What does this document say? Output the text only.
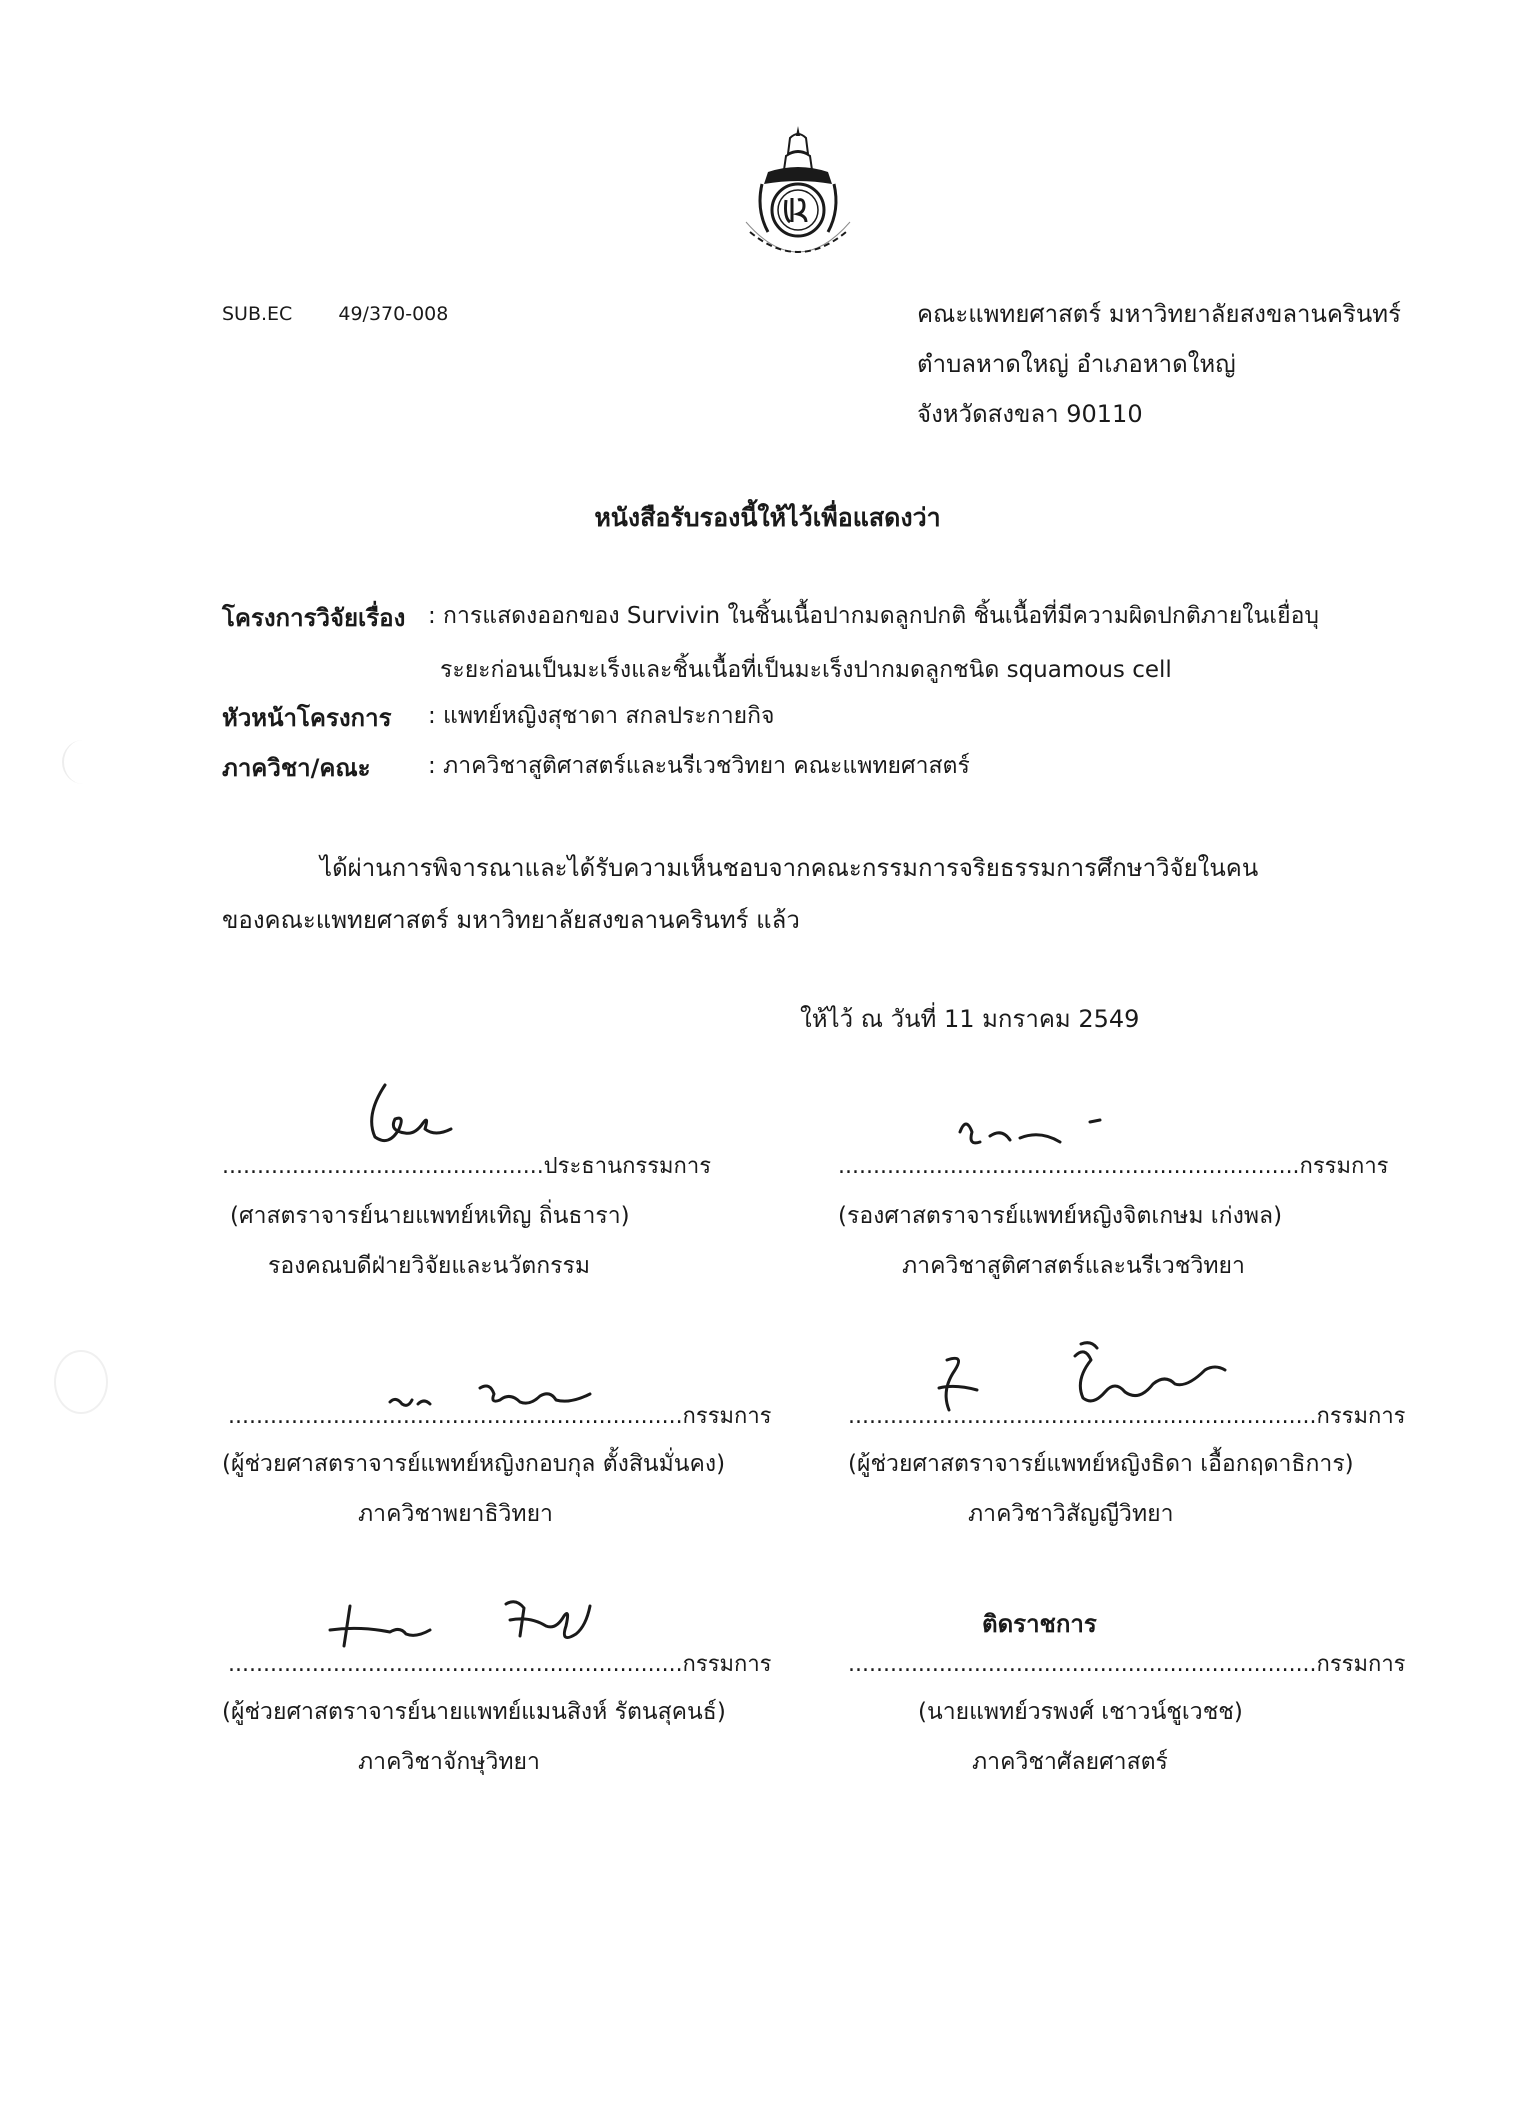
SUB.EC 49/370-008	คณะแพทยศาสตร์ มหาวิทยาลัยสงขลานครินทร์
ตำบลหาดใหญ่ อำเภอหาดใหญ่
จังหวัดสงขลา 90110
หนังสือรับรองนี้ให้ไว้เพื่อแสดงว่า
โครงการวิจัยเรื่อง : การแสดงออกของ Survivin ในชิ้นเนื้อปากมดลูกปกติ ชิ้นเนื้อที่มีความผิดปกติภายในเยื่อบุ
ระยะก่อนเป็นมะเร็งและชิ้นเนื้อที่เป็นมะเร็งปากมดลูกชนิด squamous cell
หัวหน้าโครงการ : แพทย์หญิงสุชาดา สกลประกายกิจ
ภาควิชา/คณะ : ภาควิชาสูติศาสตร์และนรีเวชวิทยา คณะแพทยศาสตร์
ได้ผ่านการพิจารณาและได้รับความเห็นชอบจากคณะกรรมการจริยธรรมการศึกษาวิจัยในคน
ของคณะแพทยศาสตร์ มหาวิทยาลัยสงขลานครินทร์ แล้ว
ให้ไว้ ณ วันที่ 11 มกราคม 2549
..............................................ประธานกรรมการ
(ศาสตราจารย์นายแพทย์หเทิญ ถิ่นธารา)
รองคณบดีฝ่ายวิจัยและนวัตกรรม
..................................................................กรรมการ
(รองศาสตราจารย์แพทย์หญิงจิตเกษม เก่งพล)
ภาควิชาสูติศาสตร์และนรีเวชวิทยา
.................................................................กรรมการ
(ผู้ช่วยศาสตราจารย์แพทย์หญิงกอบกุล ตั้งสินมั่นคง)
ภาควิชาพยาธิวิทยา
...................................................................กรรมการ
(ผู้ช่วยศาสตราจารย์แพทย์หญิงธิดา เอื้อกฤดาธิการ)
ภาควิชาวิสัญญีวิทยา
.................................................................กรรมการ
(ผู้ช่วยศาสตราจารย์นายแพทย์แมนสิงห์ รัตนสุคนธ์)
ภาควิชาจักษุวิทยา
ติดราชการ
...................................................................กรรมการ
(นายแพทย์วรพงศ์ เชาวน์ชูเวชช)
ภาควิชาศัลยศาสตร์
